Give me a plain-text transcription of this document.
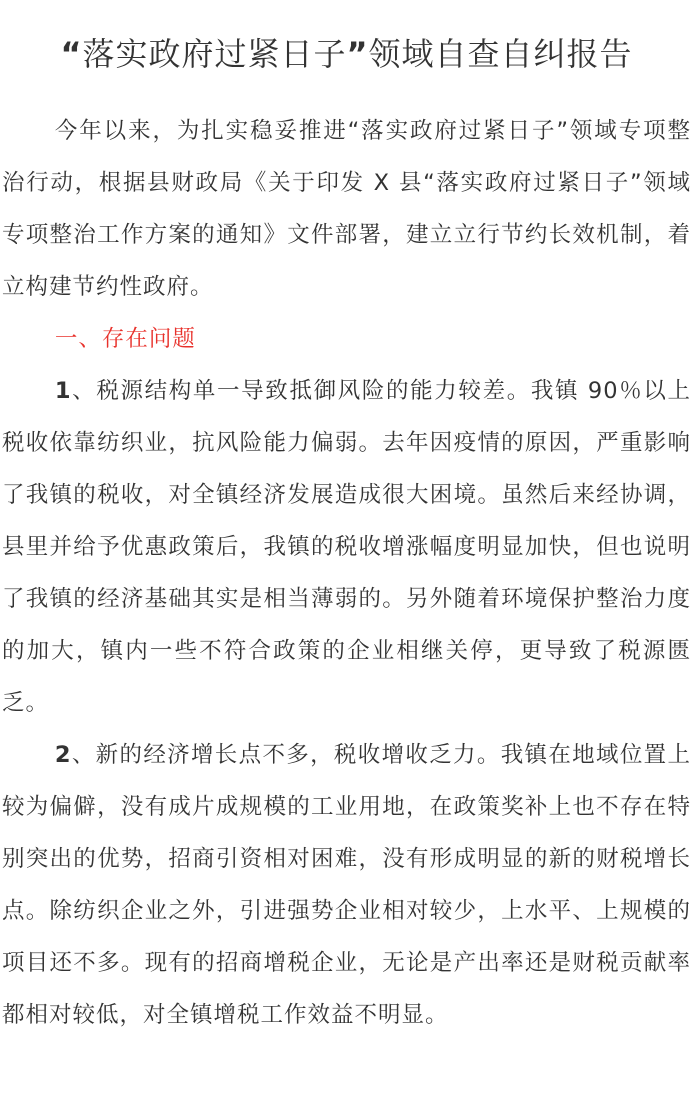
“落实政府过紧日子”领域自查自纠报告

今年以来，为扎实稳妥推进“落实政府过紧日子”领域专项整治行动，根据县财政局《关于印发 X 县“落实政府过紧日子”领域专项整治工作方案的通知》文件部署，建立立行节约长效机制，着立构建节约性政府。

一、存在问题

1、税源结构单一导致抵御风险的能力较差。我镇 90％以上税收依靠纺织业，抗风险能力偏弱。去年因疫情的原因，严重影响了我镇的税收，对全镇经济发展造成很大困境。虽然后来经协调，县里并给予优惠政策后，我镇的税收增涨幅度明显加快，但也说明了我镇的经济基础其实是相当薄弱的。另外随着环境保护整治力度的加大，镇内一些不符合政策的企业相继关停，更导致了税源匮乏。

2、新的经济增长点不多，税收增收乏力。我镇在地域位置上较为偏僻，没有成片成规模的工业用地，在政策奖补上也不存在特别突出的优势，招商引资相对困难，没有形成明显的新的财税增长点。除纺织企业之外，引进强势企业相对较少，上水平、上规模的项目还不多。现有的招商增税企业，无论是产出率还是财税贡献率都相对较低，对全镇增税工作效益不明显。
